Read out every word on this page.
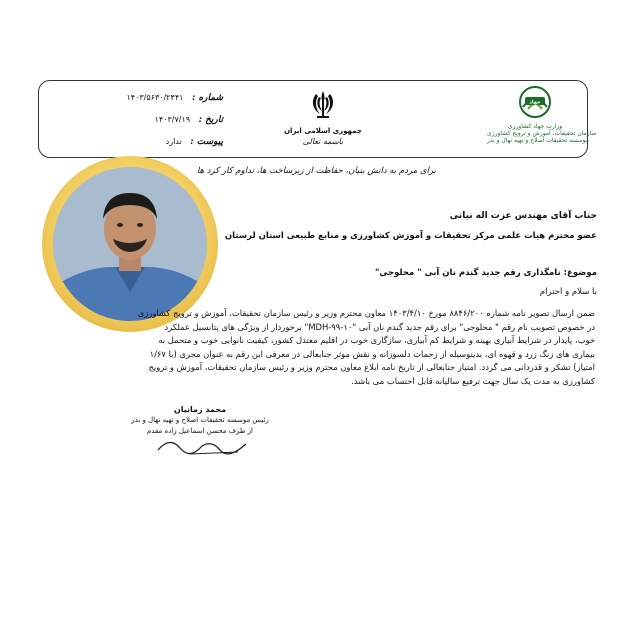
شماره : ۱۴۰۳/۵۶۳۰/۲۴۴۱
تاریخ : ۱۴۰۳/۷/۱۹
پیوست : ندارد
جمهوری اسلامی ایران
باسمه تعالی
جهاد
وزارت جهاد کشاورزی
سازمان تحقیقات، آموزش و ترویج کشاورزی
موسسه تحقیقات اصلاح و تهیه نهال و بذر
برای مردم به دانش بنیان، حفاظت از زیرساخت ها، تداوم کار کرد ها
جناب آقای مهندس عزت اله نیاتی
عضو محترم هیات علمی مرکز تحقیقات و آموزش کشاورزی و منابع طبیعی استان لرستان
موضوع: نامگذاری رقم جدید گندم نان آبی " محلوجی"
با سلام و احترام
ضمن ارسال تصویر نامه شماره ۸۸۴۶/۲۰۰ مورخ ۱۴۰۳/۴/۱۰ معاون محترم وزیر و رئیس سازمان تحقیقات، آموزش و ترویج کشاورزی
در خصوص تصویب نام رقم " محلوجی" برای رقم جدید گندم نان آبی "MDH-۹۹-۱۰" برخوردار از ویژگی های پتانسیل عملکرد
خوب، پایدار در شرایط آبیاری بهینه و شرایط کم آبیاری، سازگاری خوب در اقلیم معتدل کشور، کیفیت نانوایی خوب و متحمل به
بیماری های زنگ زرد و قهوه ای، بدینوسیله از زحمات دلسوزانه و نقش موثر جنابعالی در معرفی این رقم به عنوان مجری (با ۱/۶۷
امتیاز) تشکر و قدردانی می گردد. امتیاز جنابعالی از تاریخ نامه ابلاغ معاون محترم وزیر و رئیس سازمان تحقیقات، آموزش و ترویج
کشاورزی به مدت یک سال جهت ترفیع سالیانه قابل احتساب می باشد.
محمد زمانیان
رئیس موسسه تحقیقات اصلاح و تهیه نهال و بذر
از طرف محسن اسماعیل زاده مقدم
